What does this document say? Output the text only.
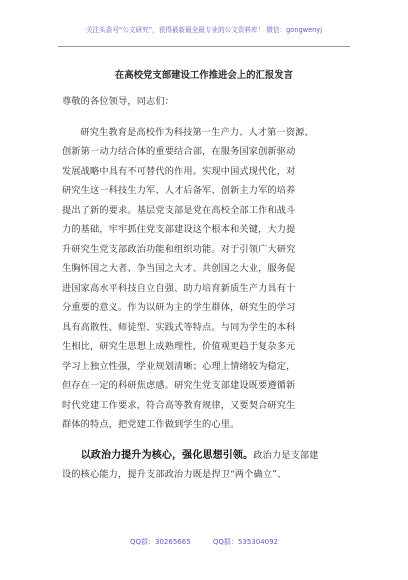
关注头条号“公文研究”，获得最新最全最专业的公文资料库！ 微信：gongwenyj
在高校党支部建设工作推进会上的汇报发言
尊敬的各位领导，同志们：
研究生教育是高校作为科技第一生产力、人才第一资源、
创新第一动力结合体的重要结合部，在服务国家创新驱动
发展战略中具有不可替代的作用。实现中国式现代化，对
研究生这一科技生力军、人才后备军、创新主力军的培养
提出了新的要求。基层党支部是党在高校全部工作和战斗
力的基础，牢牢抓住党支部建设这个根本和关键，大力提
升研究生党支部政治功能和组织功能。对于引领广大研究
生胸怀国之大者、争当国之大才、共创国之大业，服务促
进国家高水平科技自立自强、助力培育新质生产力具有十
分重要的意义。作为以研为主的学生群体，研究生的学习
具有高散性、师徒型、实践式等特点。与同为学生的本科
生相比，研究生思想上成熟理性，价值观更趋于复杂多元
学习上独立性强，学业规划清晰；心理上情绪较为稳定，
但存在一定的科研焦虑感。研究生党支部建设既要遵循新
时代党建工作要求，符合高等教育规律，又要契合研究生
群体的特点，把党建工作做到学生的心里。
　　以政治力提升为核心，强化思想引领。政治力是支部建
设的核心能力，提升支部政治力既是捍卫“两个确立”、
QQ群：30265665	QQ群：535304092
